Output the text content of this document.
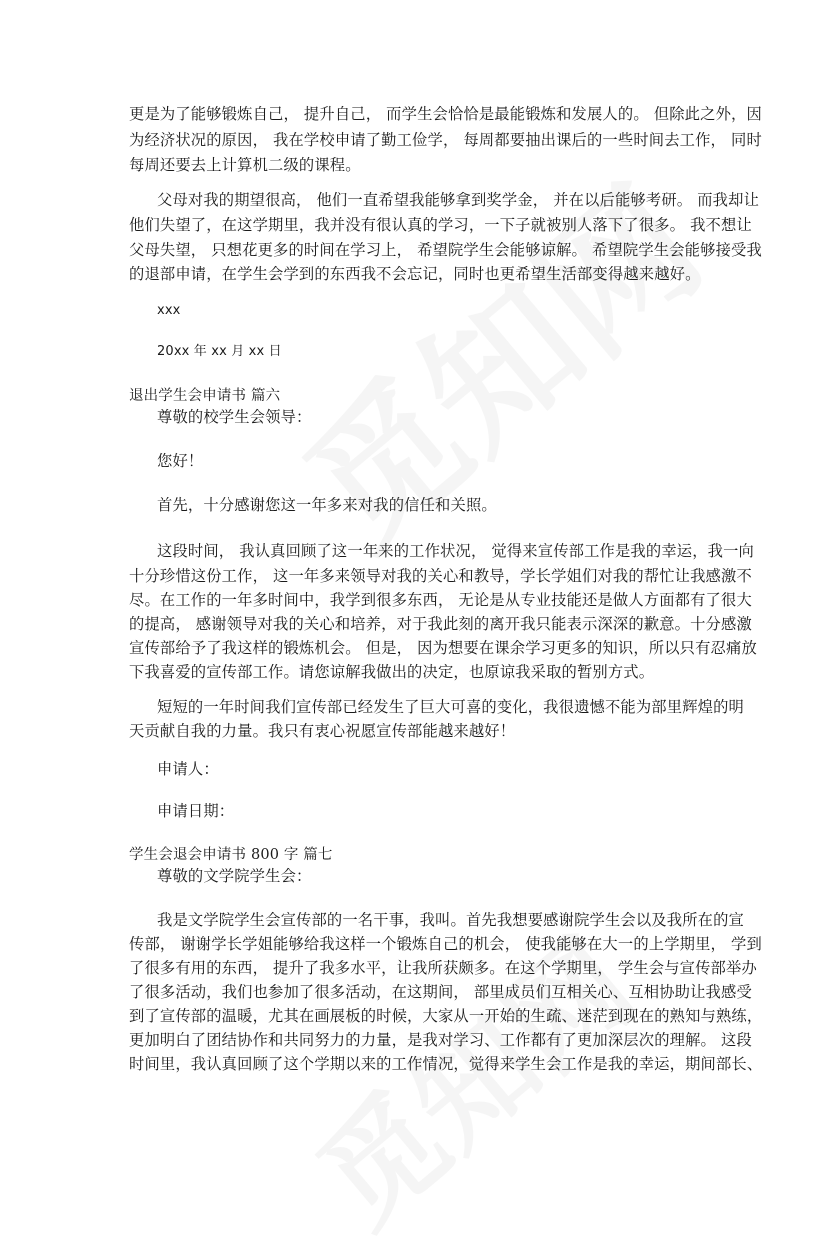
更是为了能够锻炼自己， 提升自己， 而学生会恰恰是最能锻炼和发展人的。 但除此之外，因
为经济状况的原因， 我在学校申请了勤工俭学， 每周都要抽出课后的一些时间去工作， 同时
每周还要去上计算机二级的课程。
父母对我的期望很高， 他们一直希望我能够拿到奖学金， 并在以后能够考研。 而我却让
他们失望了，在这学期里，我并没有很认真的学习，一下子就被别人落下了很多。 我不想让
父母失望， 只想花更多的时间在学习上， 希望院学生会能够谅解。 希望院学生会能够接受我
的退部申请，在学生会学到的东西我不会忘记，同时也更希望生活部变得越来越好。
xxx
20xx 年 xx 月 xx 日
退出学生会申请书 篇六
尊敬的校学生会领导：
您好！
首先，十分感谢您这一年多来对我的信任和关照。
这段时间， 我认真回顾了这一年来的工作状况， 觉得来宣传部工作是我的幸运，我一向
十分珍惜这份工作， 这一年多来领导对我的关心和教导，学长学姐们对我的帮忙让我感激不
尽。在工作的一年多时间中，我学到很多东西， 无论是从专业技能还是做人方面都有了很大
的提高， 感谢领导对我的关心和培养，对于我此刻的离开我只能表示深深的歉意。十分感激
宣传部给予了我这样的锻炼机会。 但是， 因为想要在课余学习更多的知识，所以只有忍痛放
下我喜爱的宣传部工作。请您谅解我做出的决定，也原谅我采取的暂别方式。
短短的一年时间我们宣传部已经发生了巨大可喜的变化，我很遗憾不能为部里辉煌的明
天贡献自我的力量。我只有衷心祝愿宣传部能越来越好！
申请人：
申请日期：
学生会退会申请书 800 字 篇七
尊敬的文学院学生会：
我是文学院学生会宣传部的一名干事，我叫。首先我想要感谢院学生会以及我所在的宣
传部， 谢谢学长学姐能够给我这样一个锻炼自己的机会， 使我能够在大一的上学期里， 学到
了很多有用的东西， 提升了我多水平，让我所获颇多。在这个学期里， 学生会与宣传部举办
了很多活动，我们也参加了很多活动，在这期间， 部里成员们互相关心、互相协助让我感受
到了宣传部的温暖，尤其在画展板的时候，大家从一开始的生疏、迷茫到现在的熟知与熟练，
更加明白了团结协作和共同努力的力量，是我对学习、工作都有了更加深层次的理解。 这段
时间里，我认真回顾了这个学期以来的工作情况，觉得来学生会工作是我的幸运，期间部长、
